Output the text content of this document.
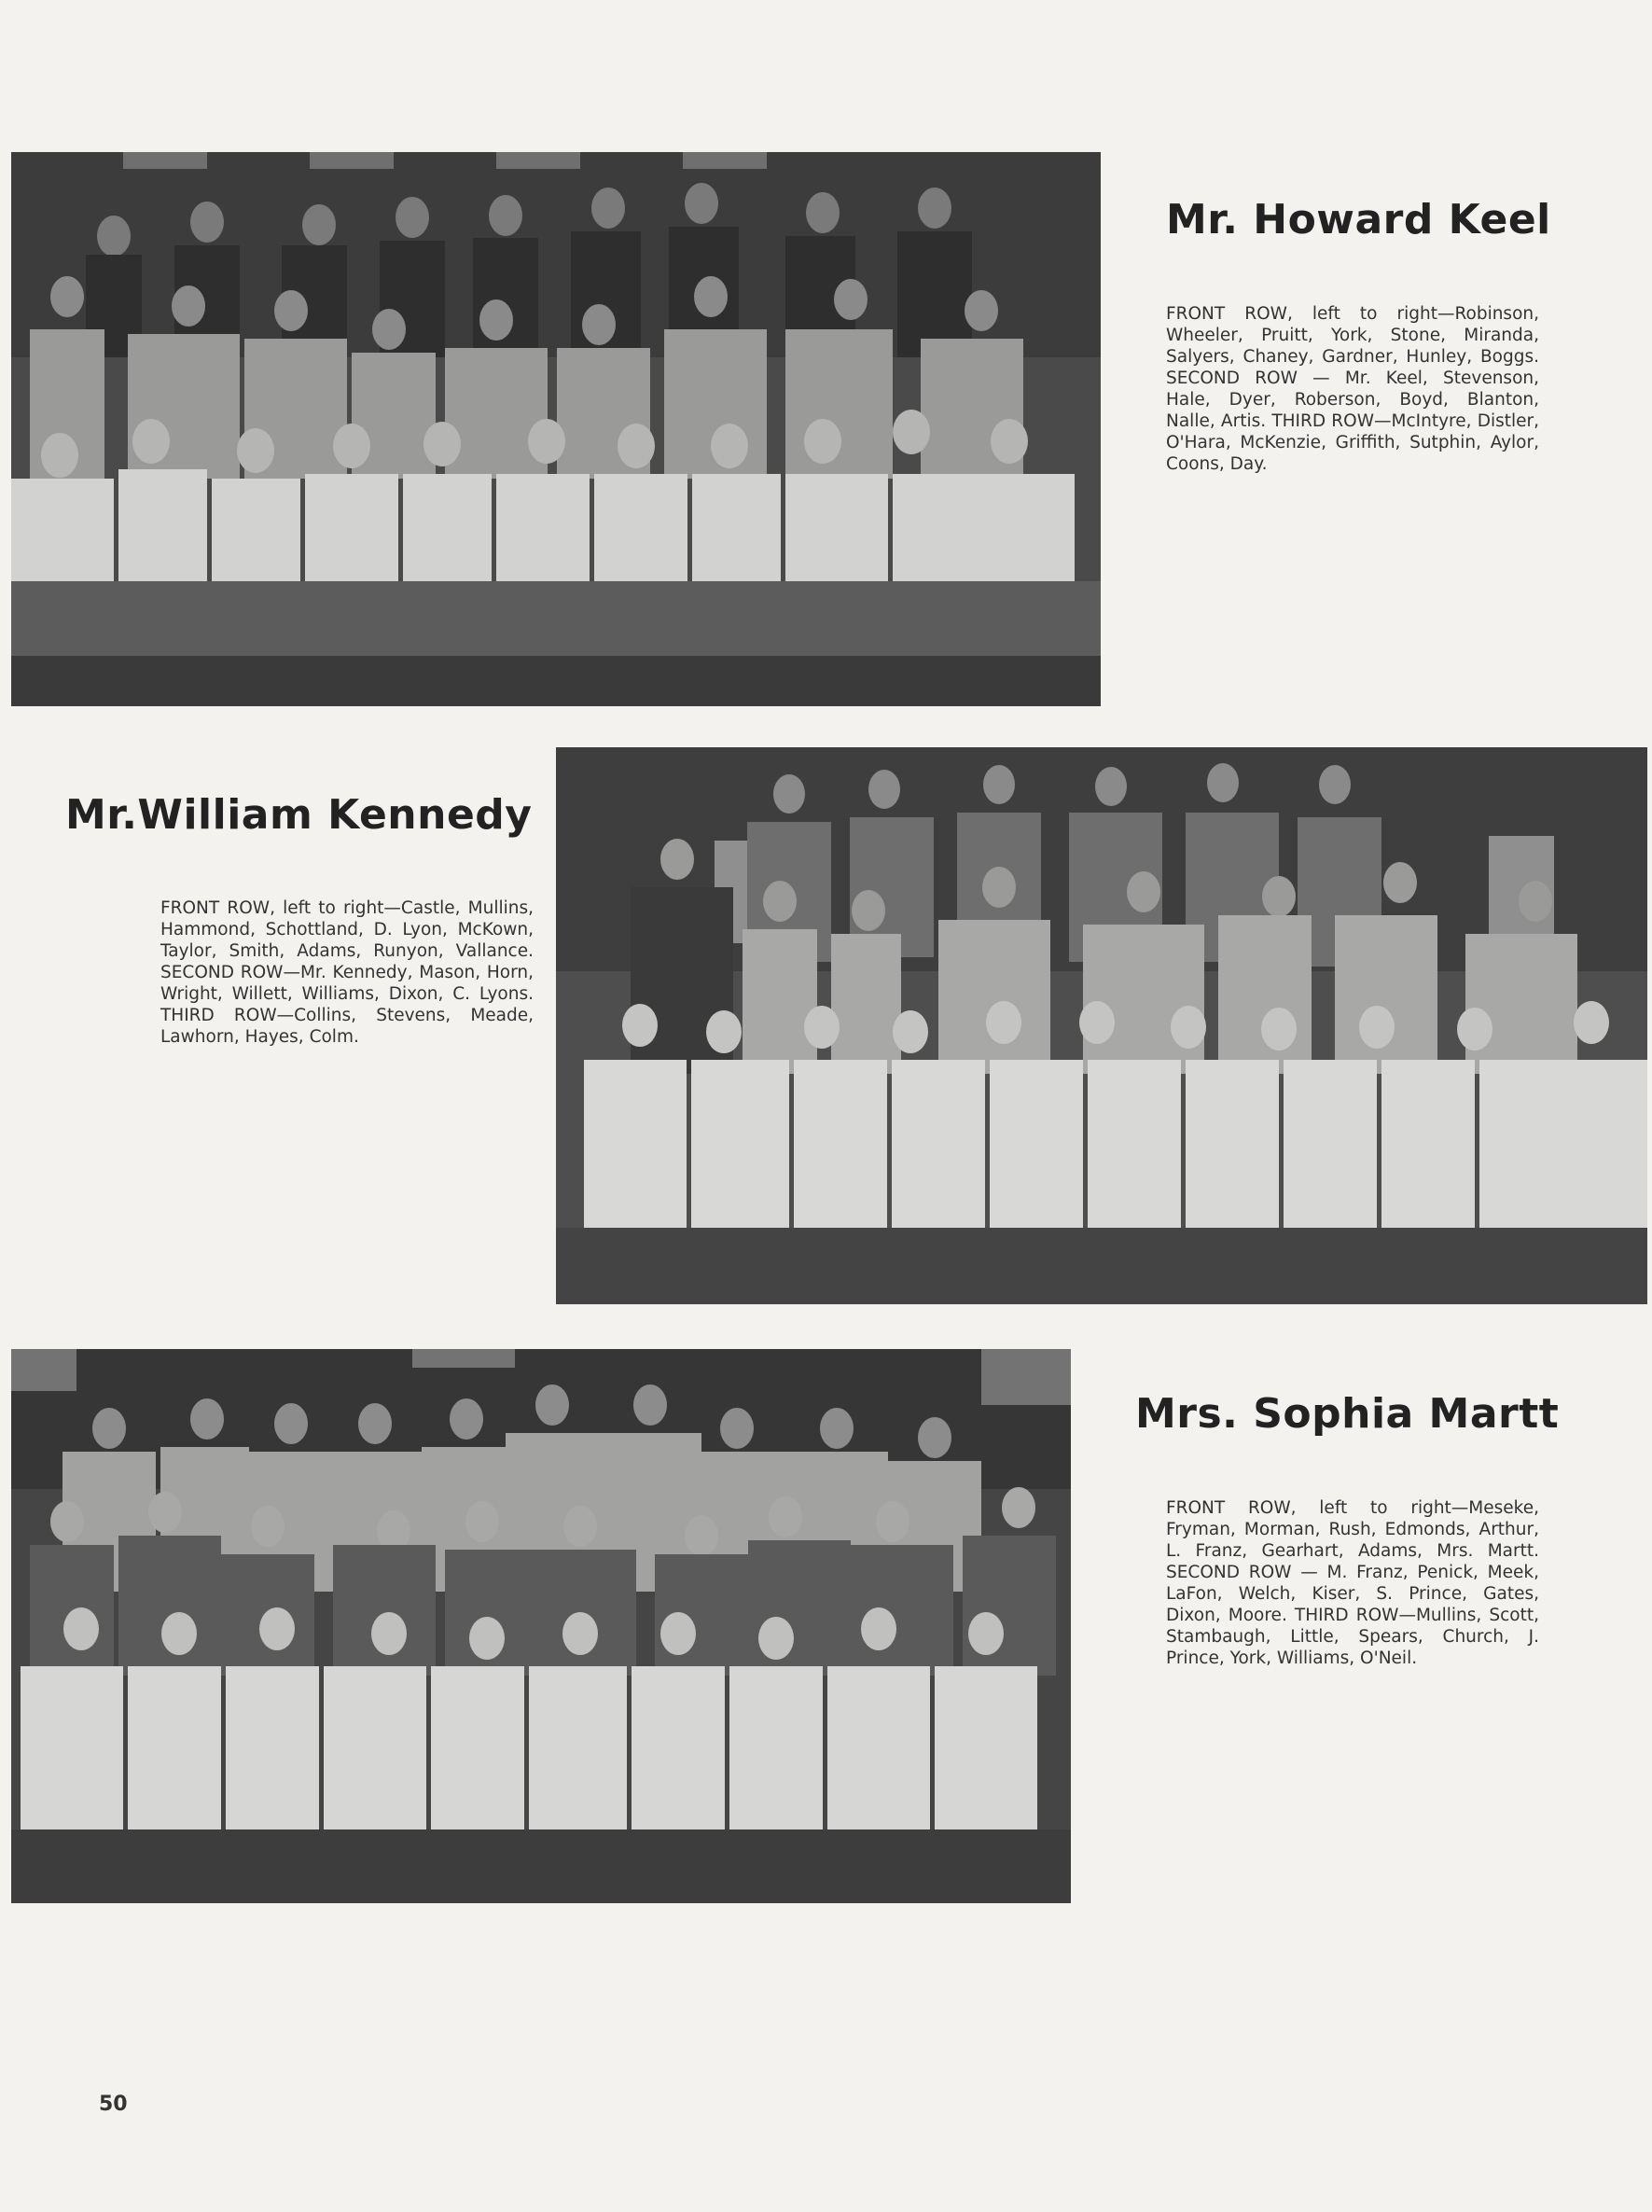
Mr. Howard Keel
FRONT ROW, left to right—Robinson, Wheeler, Pruitt, York, Stone, Miranda, Salyers, Chaney, Gardner, Hunley, Boggs. SECOND ROW — Mr. Keel, Stevenson, Hale, Dyer, Roberson, Boyd, Blanton, Nalle, Artis. THIRD ROW—McIntyre, Distler, O'Hara, McKenzie, Griffith, Sutphin, Aylor, Coons, Day.
Mr.William Kennedy
FRONT ROW, left to right—Castle, Mullins, Hammond, Schottland, D. Lyon, McKown, Taylor, Smith, Adams, Runyon, Vallance. SECOND ROW—Mr. Kennedy, Mason, Horn, Wright, Willett, Williams, Dixon, C. Lyons. THIRD ROW—Collins, Stevens, Meade, Lawhorn, Hayes, Colm.
Mrs. Sophia Martt
FRONT ROW, left to right—Meseke, Fryman, Morman, Rush, Edmonds, Arthur, L. Franz, Gearhart, Adams, Mrs. Martt. SECOND ROW — M. Franz, Penick, Meek, LaFon, Welch, Kiser, S. Prince, Gates, Dixon, Moore. THIRD ROW—Mullins, Scott, Stambaugh, Little, Spears, Church, J. Prince, York, Williams, O'Neil.
50
